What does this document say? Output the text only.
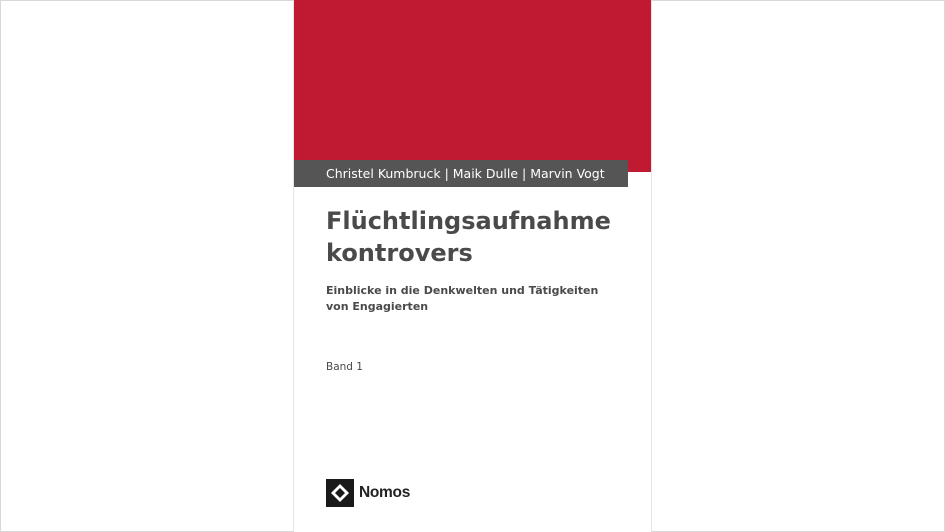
Christel Kumbruck | Maik Dulle | Marvin Vogt
Flüchtlingsaufnahme
kontrovers

Einblicke in die Denkwelten und Tätigkeiten
von Engagierten

Band 1
Nomos
